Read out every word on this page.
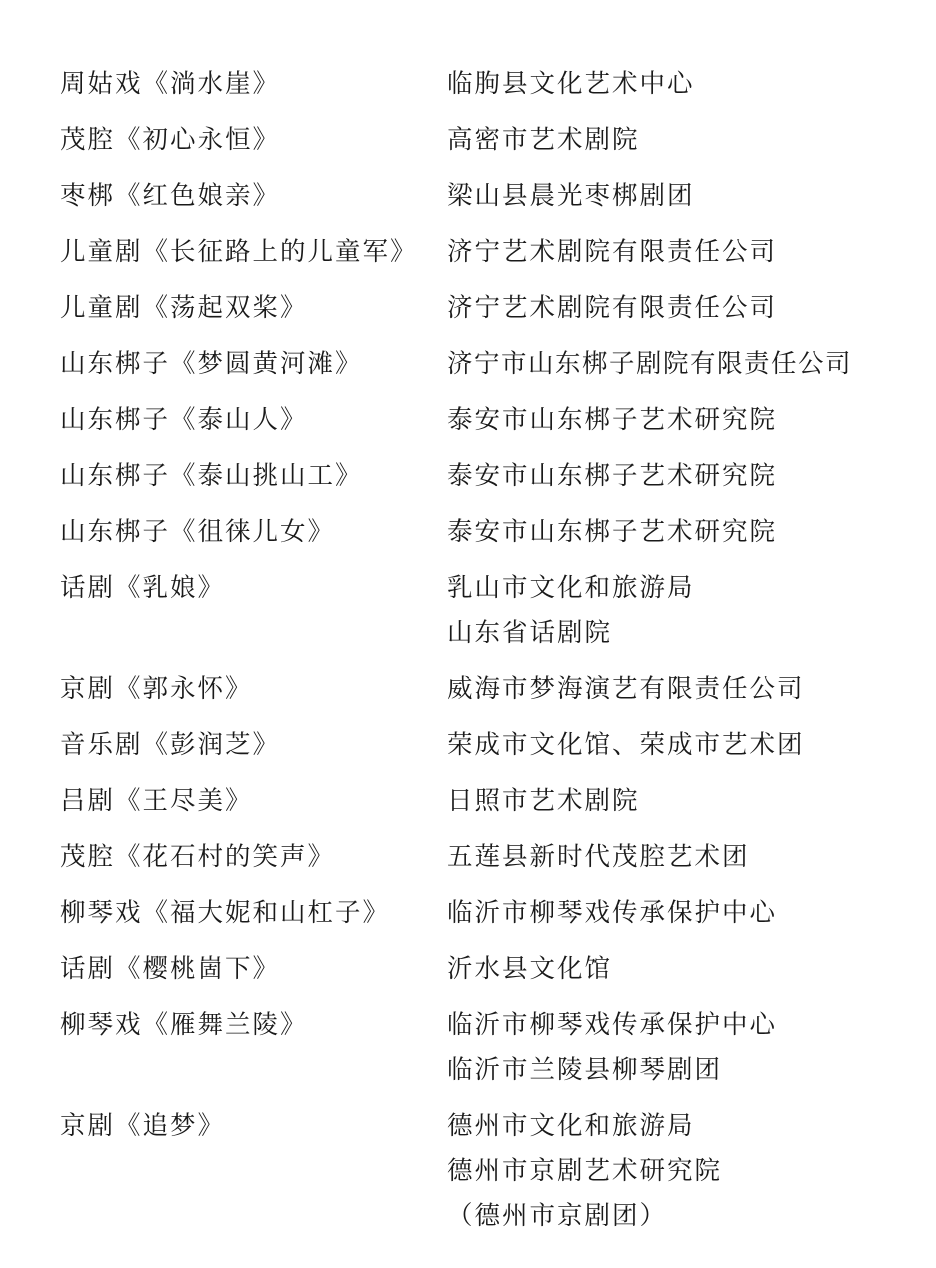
周姑戏《淌水崖》	临朐县文化艺术中心
茂腔《初心永恒》	高密市艺术剧院
枣梆《红色娘亲》	梁山县晨光枣梆剧团
儿童剧《长征路上的儿童军》	济宁艺术剧院有限责任公司
儿童剧《荡起双桨》	济宁艺术剧院有限责任公司
山东梆子《梦圆黄河滩》	济宁市山东梆子剧院有限责任公司
山东梆子《泰山人》	泰安市山东梆子艺术研究院
山东梆子《泰山挑山工》	泰安市山东梆子艺术研究院
山东梆子《徂徕儿女》	泰安市山东梆子艺术研究院
话剧《乳娘》	乳山市文化和旅游局
山东省话剧院
京剧《郭永怀》	威海市梦海演艺有限责任公司
音乐剧《彭润芝》	荣成市文化馆、荣成市艺术团
吕剧《王尽美》	日照市艺术剧院
茂腔《花石村的笑声》	五莲县新时代茂腔艺术团
柳琴戏《福大妮和山杠子》	临沂市柳琴戏传承保护中心
话剧《樱桃崮下》	沂水县文化馆
柳琴戏《雁舞兰陵》	临沂市柳琴戏传承保护中心
临沂市兰陵县柳琴剧团
京剧《追梦》	德州市文化和旅游局
德州市京剧艺术研究院
（德州市京剧团）
